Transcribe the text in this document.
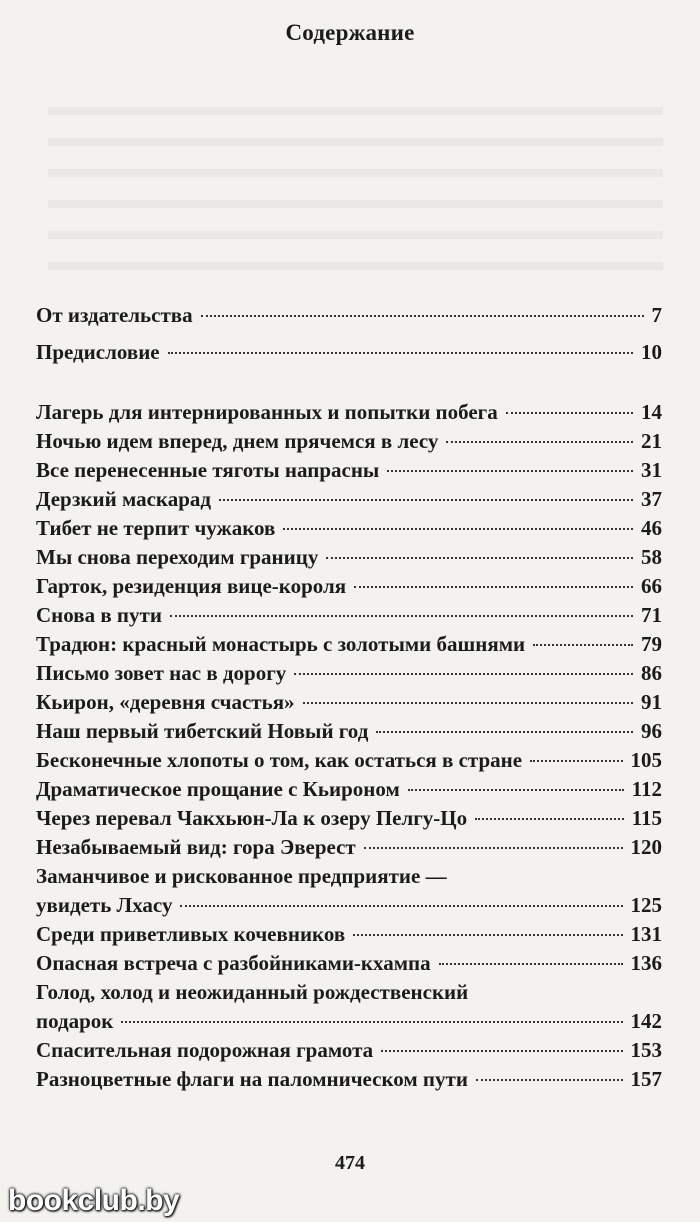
Содержание
От издательства	7
Предисловие	10
Лагерь для интернированных и попытки побега	14
Ночью идем вперед, днем прячемся в лесу	21
Все перенесенные тяготы напрасны	31
Дерзкий маскарад	37
Тибет не терпит чужаков	46
Мы снова переходим границу	58
Гарток, резиденция вице-короля	66
Снова в пути	71
Традюн: красный монастырь с золотыми башнями	79
Письмо зовет нас в дорогу	86
Кьирон, «деревня счастья»	91
Наш первый тибетский Новый год	96
Бесконечные хлопоты о том, как остаться в стране	105
Драматическое прощание с Кьироном	112
Через перевал Чакхьюн-Ла к озеру Пелгу-Цо	115
Незабываемый вид: гора Эверест	120
Заманчивое и рискованное предприятие —
увидеть Лхасу	125
Среди приветливых кочевников	131
Опасная встреча с разбойниками-кхампа	136
Голод, холод и неожиданный рождественский
подарок	142
Спасительная подорожная грамота	153
Разноцветные флаги на паломническом пути	157
474
bookclub.by
